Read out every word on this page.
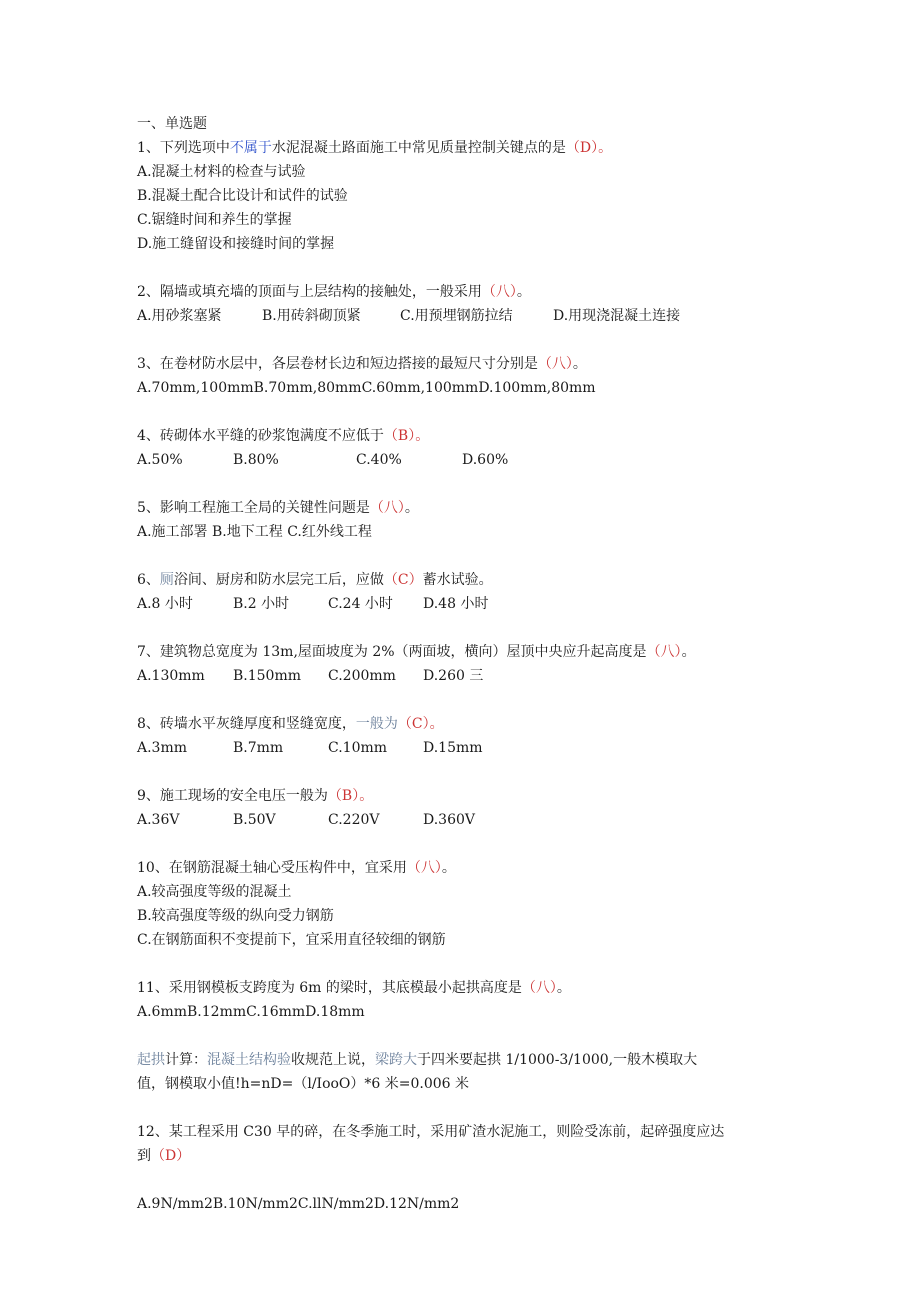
一、单选题
1、下列选项中不属于水泥混凝土路面施工中常见质量控制关键点的是（D）。
A.混凝土材料的检查与试验
B.混凝土配合比设计和试件的试验
C.锯缝时间和养生的掌握
D.施工缝留设和接缝时间的掌握
2、隔墙或填充墙的顶面与上层结构的接触处，一般采用（八）。
A.用砂浆塞紧	B.用砖斜砌顶紧	C.用预埋钢筋拉结	D.用现浇混凝土连接
3、在卷材防水层中，各层卷材长边和短边搭接的最短尺寸分别是（八）。
A.70mm,100mmB.70mm,80mmC.60mm,100mmD.100mm,80mm
4、砖砌体水平缝的砂浆饱满度不应低于（B）。
A.50%	B.80%	C.40%	D.60%
5、影响工程施工全局的关键性问题是（八）。
A.施工部署 B.地下工程 C.红外线工程
6、厕浴间、厨房和防水层完工后，应做（C）蓄水试验。
A.8 小时	B.2 小时	C.24 小时	D.48 小时
7、建筑物总宽度为 13m,屋面坡度为 2%（两面坡，横向）屋顶中央应升起高度是（八）。
A.130mm	B.150mm	C.200mm	D.260 三
8、砖墙水平灰缝厚度和竖缝宽度，一般为（C）。
A.3mm	B.7mm	C.10mm	D.15mm
9、施工现场的安全电压一般为（B）。
A.36V	B.50V	C.220V	D.360V
10、在钢筋混凝土轴心受压构件中，宜采用（八）。
A.较高强度等级的混凝土
B.较高强度等级的纵向受力钢筋
C.在钢筋面积不变提前下，宜采用直径较细的钢筋
11、采用钢模板支跨度为 6m 的梁时，其底模最小起拱高度是（八）。
A.6mmB.12mmC.16mmD.18mm
起拱计算：混凝土结构验收规范上说，梁跨大于四米要起拱 1/1000-3/1000,一般木模取大
值，钢模取小值!h=nD=（l/IooO）*6 米=0.006 米
12、某工程采用 C30 早的碎，在冬季施工时，采用矿渣水泥施工，则险受冻前，起碎强度应达
到（D）
A.9N∕mm2B.10N∕mm2C.llN∕mm2D.12N∕mm2
